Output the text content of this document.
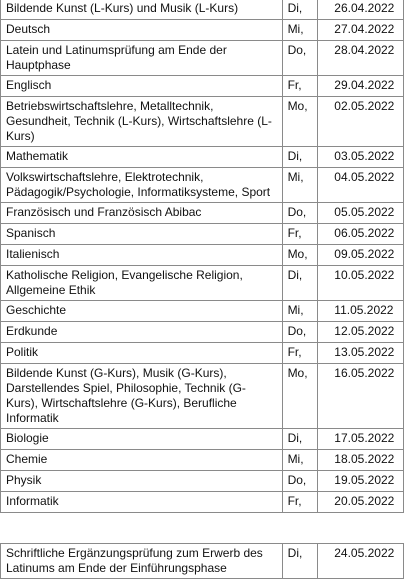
Bildende Kunst (L-Kurs) und Musik (L-Kurs)	Di,	26.04.2022
Deutsch	Mi,	27.04.2022
Latein und Latinumsprüfung am Ende der Hauptphase	Do,	28.04.2022
Englisch	Fr,	29.04.2022
Betriebswirtschaftslehre, Metalltechnik, Gesundheit, Technik (L-Kurs), Wirtschaftslehre (L-Kurs)	Mo,	02.05.2022
Mathematik	Di,	03.05.2022
Volkswirtschaftslehre, Elektrotechnik, Pädagogik/Psychologie, Informatiksysteme, Sport	Mi,	04.05.2022
Französisch und Französisch Abibac	Do,	05.05.2022
Spanisch	Fr,	06.05.2022
Italienisch	Mo,	09.05.2022
Katholische Religion, Evangelische Religion, Allgemeine Ethik	Di,	10.05.2022
Geschichte	Mi,	11.05.2022
Erdkunde	Do,	12.05.2022
Politik	Fr,	13.05.2022
Bildende Kunst (G-Kurs), Musik (G-Kurs), Darstellendes Spiel, Philosophie, Technik (G-Kurs), Wirtschaftslehre (G-Kurs), Berufliche Informatik	Mo,	16.05.2022
Biologie	Di,	17.05.2022
Chemie	Mi,	18.05.2022
Physik	Do,	19.05.2022
Informatik	Fr,	20.05.2022
Schriftliche Ergänzungsprüfung zum Erwerb des Latinums am Ende der Einführungsphase	Di,	24.05.2022
